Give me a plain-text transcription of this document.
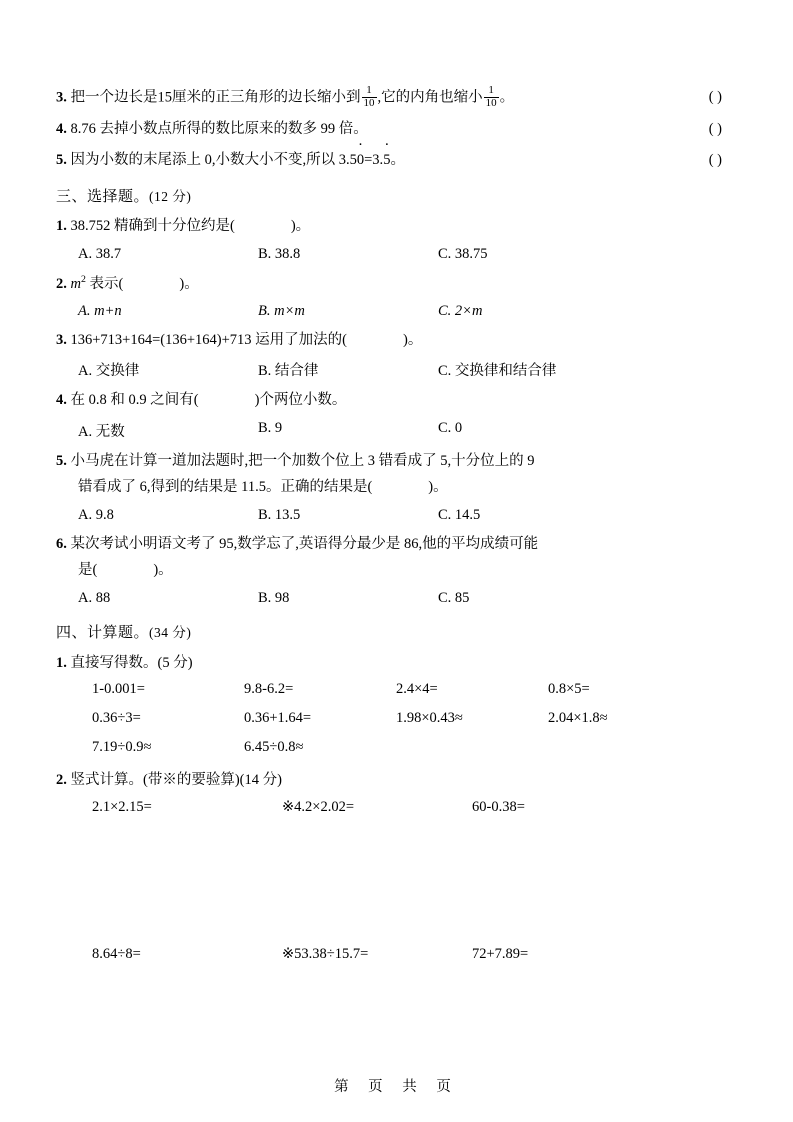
3. 把一个边长是15厘米的正三角形的边长缩小到 $\frac{1}{10}$ ,它的内角也缩小 $\frac{1}{10}$ 。	( )
4. 8.76 去掉小数点所得的数比原来的数多 99 倍。	( )
5. 因为小数的末尾添上 0,小数大小不变,所以 3.50 ·=3.5 ·。	( )
三、选择题。(12 分)
1. 38.752 精确到十分位约是(	)。
A. 38.7	B. 38.8	C. 38.75
2. $m^2$ 表示(	)。
A. m+n	B. m×m	C. 2×m
3. 136+713+164=(136+164)+713 运用了加法的(	)。
A. 交换律	B. 结合律	C. 交换律和结合律
4. 在 0.8 和 0.9 之间有(	)个两位小数。
A. 无数	B. 9	C. 0
5. 小马虎在计算一道加法题时,把一个加数个位上 3 错看成了 5,十分位上的 9
错看成了 6,得到的结果是 11.5。正确的结果是(	)。
A. 9.8	B. 13.5	C. 14.5
6. 某次考试小明语文考了 95,数学忘了,英语得分最少是 86,他的平均成绩可能
是(	)。
A. 88	B. 98	C. 85
四、计算题。(34 分)
1. 直接写得数。(5 分)
1-0.001=	9.8-6.2=	2.4×4=	0.8×5=
0.36÷3=	0.36+1.64=	1.98×0.43≈	2.04×1.8≈
7.19÷0.9≈	6.45÷0.8≈
2. 竖式计算。(带※的要验算)(14 分)
2.1×2.15=	※4.2×2.02=	60-0.38=
8.64÷8=	※53.38÷15.7=	72+7.89=
第 页 共 页
